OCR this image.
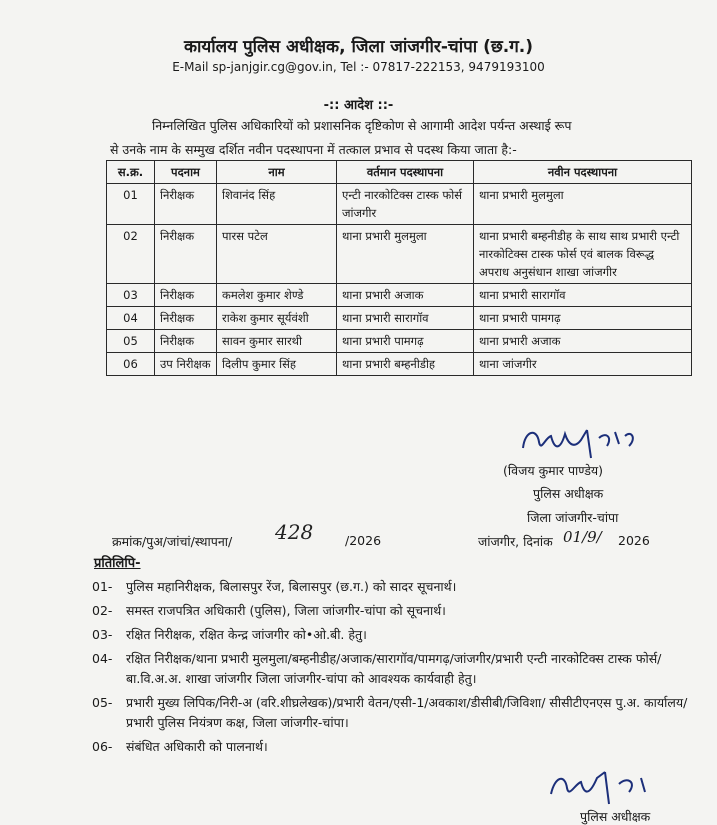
कार्यालय पुलिस अधीक्षक, जिला जांजगीर-चांपा (छ.ग.)
E-Mail sp-janjgir.cg@gov.in, Tel :- 07817-222153, 9479193100
-:: आदेश ::-
निम्नलिखित पुलिस अधिकारियों को प्रशासनिक दृष्टिकोण से आगामी आदेश पर्यन्त अस्थाई रूप
से उनके नाम के सम्मुख दर्शित नवीन पदस्थापना में तत्काल प्रभाव से पदस्थ किया जाता है:-
स.क्र.	पदनाम	नाम	वर्तमान पदस्थापना	नवीन पदस्थापना
01	निरीक्षक	शिवानंद सिंह	एन्टी नारकोटिक्स टास्क फोर्स जांजगीर	थाना प्रभारी मुलमुला
02	निरीक्षक	पारस पटेल	थाना प्रभारी मुलमुला	थाना प्रभारी बम्हनीडीह के साथ साथ प्रभारी एन्टी नारकोटिक्स टास्क फोर्स एवं बालक विरूद्ध अपराध अनुसंधान शाखा जांजगीर
03	निरीक्षक	कमलेश कुमार शेण्डे	थाना प्रभारी अजाक	थाना प्रभारी सारागॉव
04	निरीक्षक	राकेश कुमार सूर्यवंशी	थाना प्रभारी सारागॉव	थाना प्रभारी पामगढ़
05	निरीक्षक	सावन कुमार सारथी	थाना प्रभारी पामगढ़	थाना प्रभारी अजाक
06	उप निरीक्षक	दिलीप कुमार सिंह	थाना प्रभारी बम्हनीडीह	थाना जांजगीर
(विजय कुमार पाण्डेय)
पुलिस अधीक्षक
जिला जांजगीर-चांपा
क्रमांक/पुअ/जांचां/स्थापना/ 428	/2026	जांजगीर, दिनांक 01/9/ 2026
प्रतिलिपि-
01- पुलिस महानिरीक्षक, बिलासपुर रेंज, बिलासपुर (छ.ग.) को सादर सूचनार्थ।
02- समस्त राजपत्रित अधिकारी (पुलिस), जिला जांजगीर-चांपा को सूचनार्थ।
03- रक्षित निरीक्षक, रक्षित केन्द्र जांजगीर को•ओ.बी. हेतु।
04- रक्षित निरीक्षक/थाना प्रभारी मुलमुला/बम्हनीडीह/अजाक/सारागॉव/पामगढ़/जांजगीर/प्रभारी एन्टी नारकोटिक्स टास्क फोर्स/बा.वि.अ.अ. शाखा जांजगीर जिला जांजगीर-चांपा को आवश्यक कार्यवाही हेतु।
05- प्रभारी मुख्य लिपिक/निरी-अ (वरि.शीघ्रलेखक)/प्रभारी वेतन/एसी-1/अवकाश/डीसीबी/जिविशा/ सीसीटीएनएस पु.अ. कार्यालय/प्रभारी पुलिस नियंत्रण कक्ष, जिला जांजगीर-चांपा।
06- संबंधित अधिकारी को पालनार्थ।
पुलिस अधीक्षक
